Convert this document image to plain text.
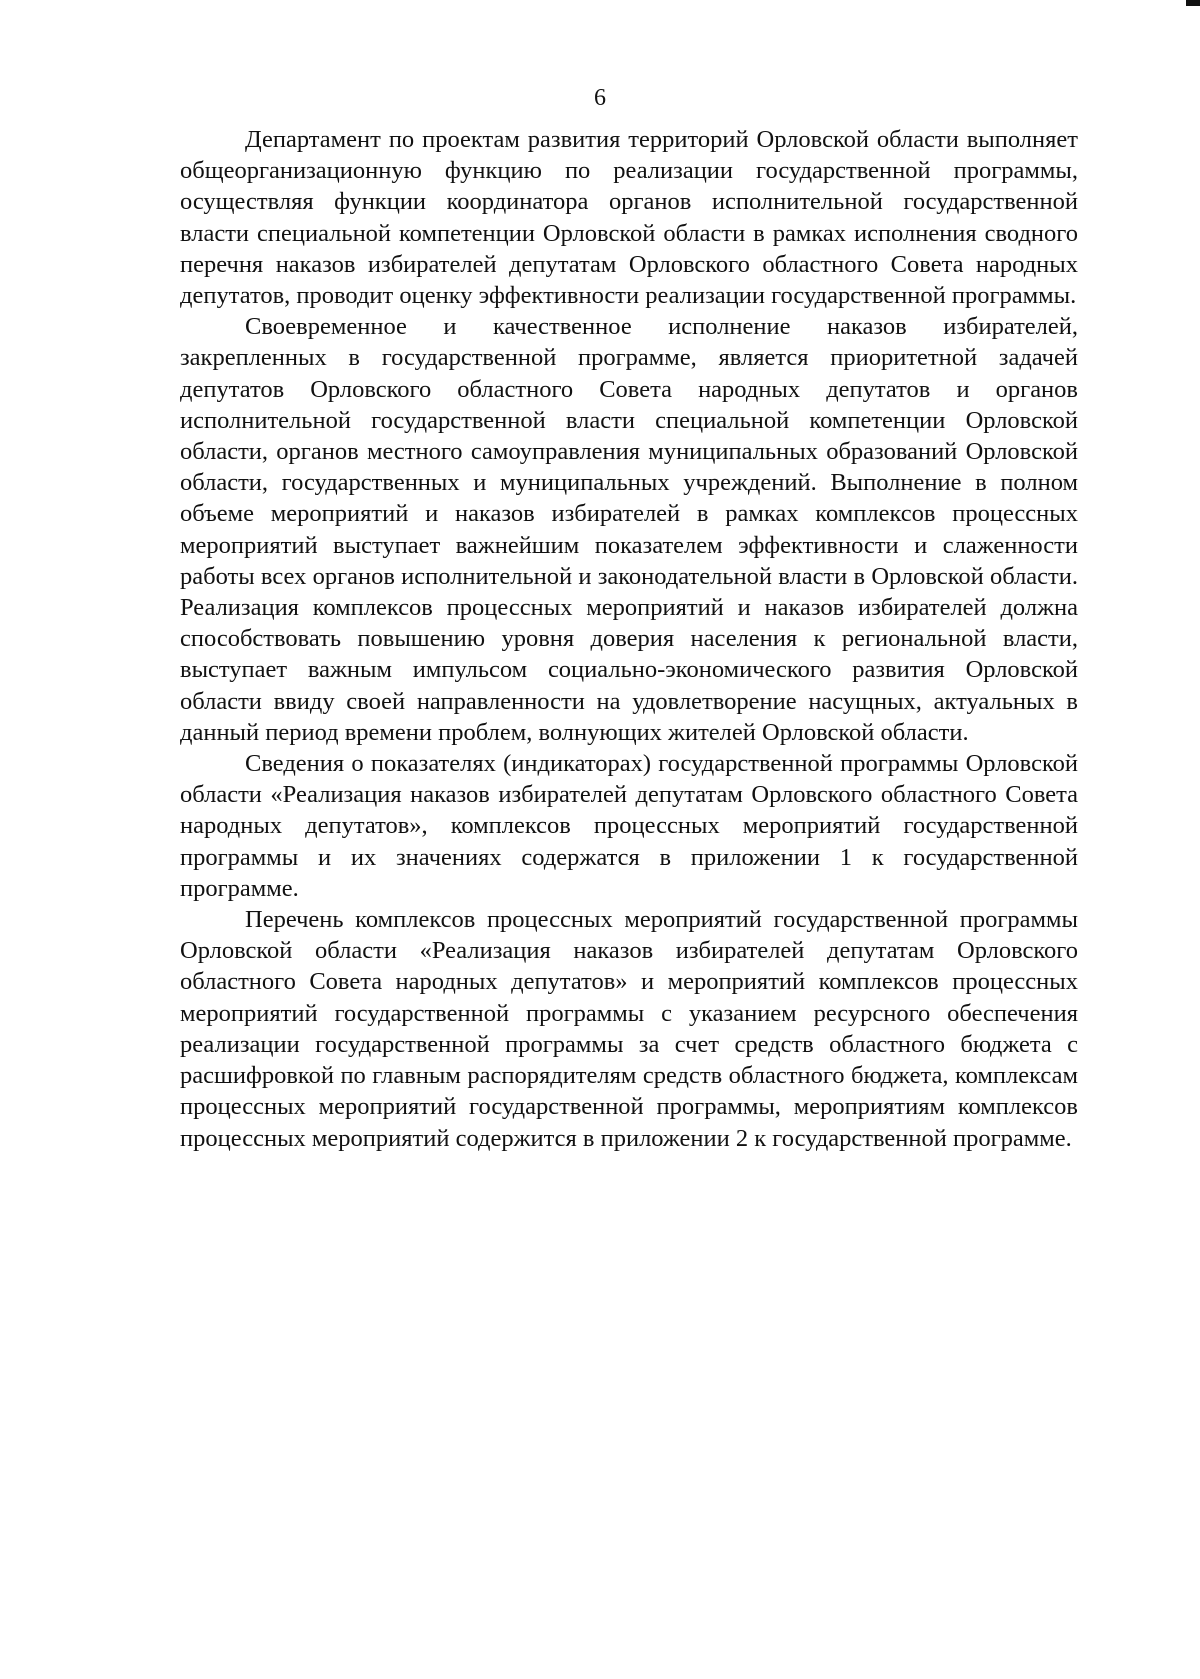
6

Департамент по проектам развития территорий Орловской области выполняет общеорганизационную функцию по реализации государственной программы, осуществляя функции координатора органов исполнительной государственной власти специальной компетенции Орловской области в рамках исполнения сводного перечня наказов избирателей депутатам Орловского областного Совета народных депутатов, проводит оценку эффективности реализации государственной программы.

Своевременное и качественное исполнение наказов избирателей, закрепленных в государственной программе, является приоритетной задачей депутатов Орловского областного Совета народных депутатов и органов исполнительной государственной власти специальной компетенции Орловской области, органов местного самоуправления муниципальных образований Орловской области, государственных и муниципальных учреждений. Выполнение в полном объеме мероприятий и наказов избирателей в рамках комплексов процессных мероприятий выступает важнейшим показателем эффективности и слаженности работы всех органов исполнительной и законодательной власти в Орловской области. Реализация комплексов процессных мероприятий и наказов избирателей должна способствовать повышению уровня доверия населения к региональной власти, выступает важным импульсом социально-экономического развития Орловской области ввиду своей направленности на удовлетворение насущных, актуальных в данный период времени проблем, волнующих жителей Орловской области.

Сведения о показателях (индикаторах) государственной программы Орловской области «Реализация наказов избирателей депутатам Орловского областного Совета народных депутатов», комплексов процессных мероприятий государственной программы и их значениях содержатся в приложении 1 к государственной программе.

Перечень комплексов процессных мероприятий государственной программы Орловской области «Реализация наказов избирателей депутатам Орловского областного Совета народных депутатов» и мероприятий комплексов процессных мероприятий государственной программы с указанием ресурсного обеспечения реализации государственной программы за счет средств областного бюджета с расшифровкой по главным распорядителям средств областного бюджета, комплексам процессных мероприятий государственной программы, мероприятиям комплексов процессных мероприятий содержится в приложении 2 к государственной программе.
